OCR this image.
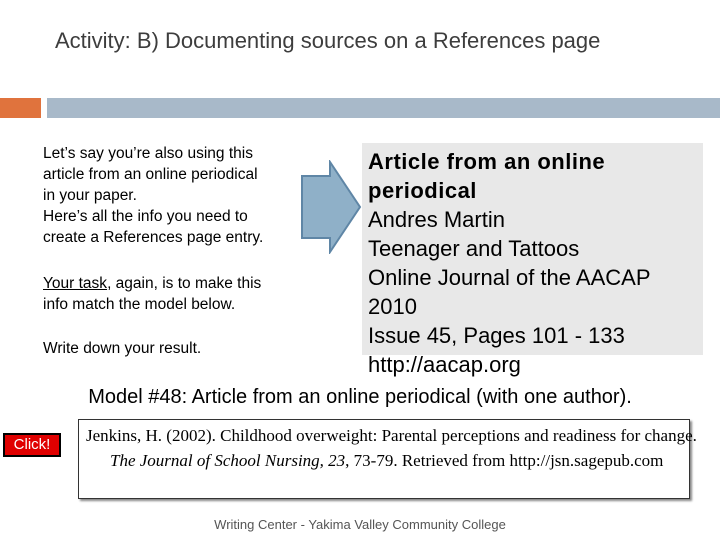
Activity: B) Documenting sources on a References page
Let’s say you’re also using this
article from an online periodical
in your paper.
Here’s all the info you need to
create a References page entry.
Your task, again, is to make this
info match the model below.
Write down your result.
Article from an online
periodical
Andres Martin
Teenager and Tattoos
Online Journal of the AACAP
2010
Issue 45, Pages 101 - 133
http://aacap.org
Model #48: Article from an online periodical (with one author).
Click!	Jenkins, H. (2002). Childhood overweight: Parental perceptions and readiness for change. The Journal of School Nursing, 23, 73-79. Retrieved from http://jsn.sagepub.com
Writing Center - Yakima Valley Community College
